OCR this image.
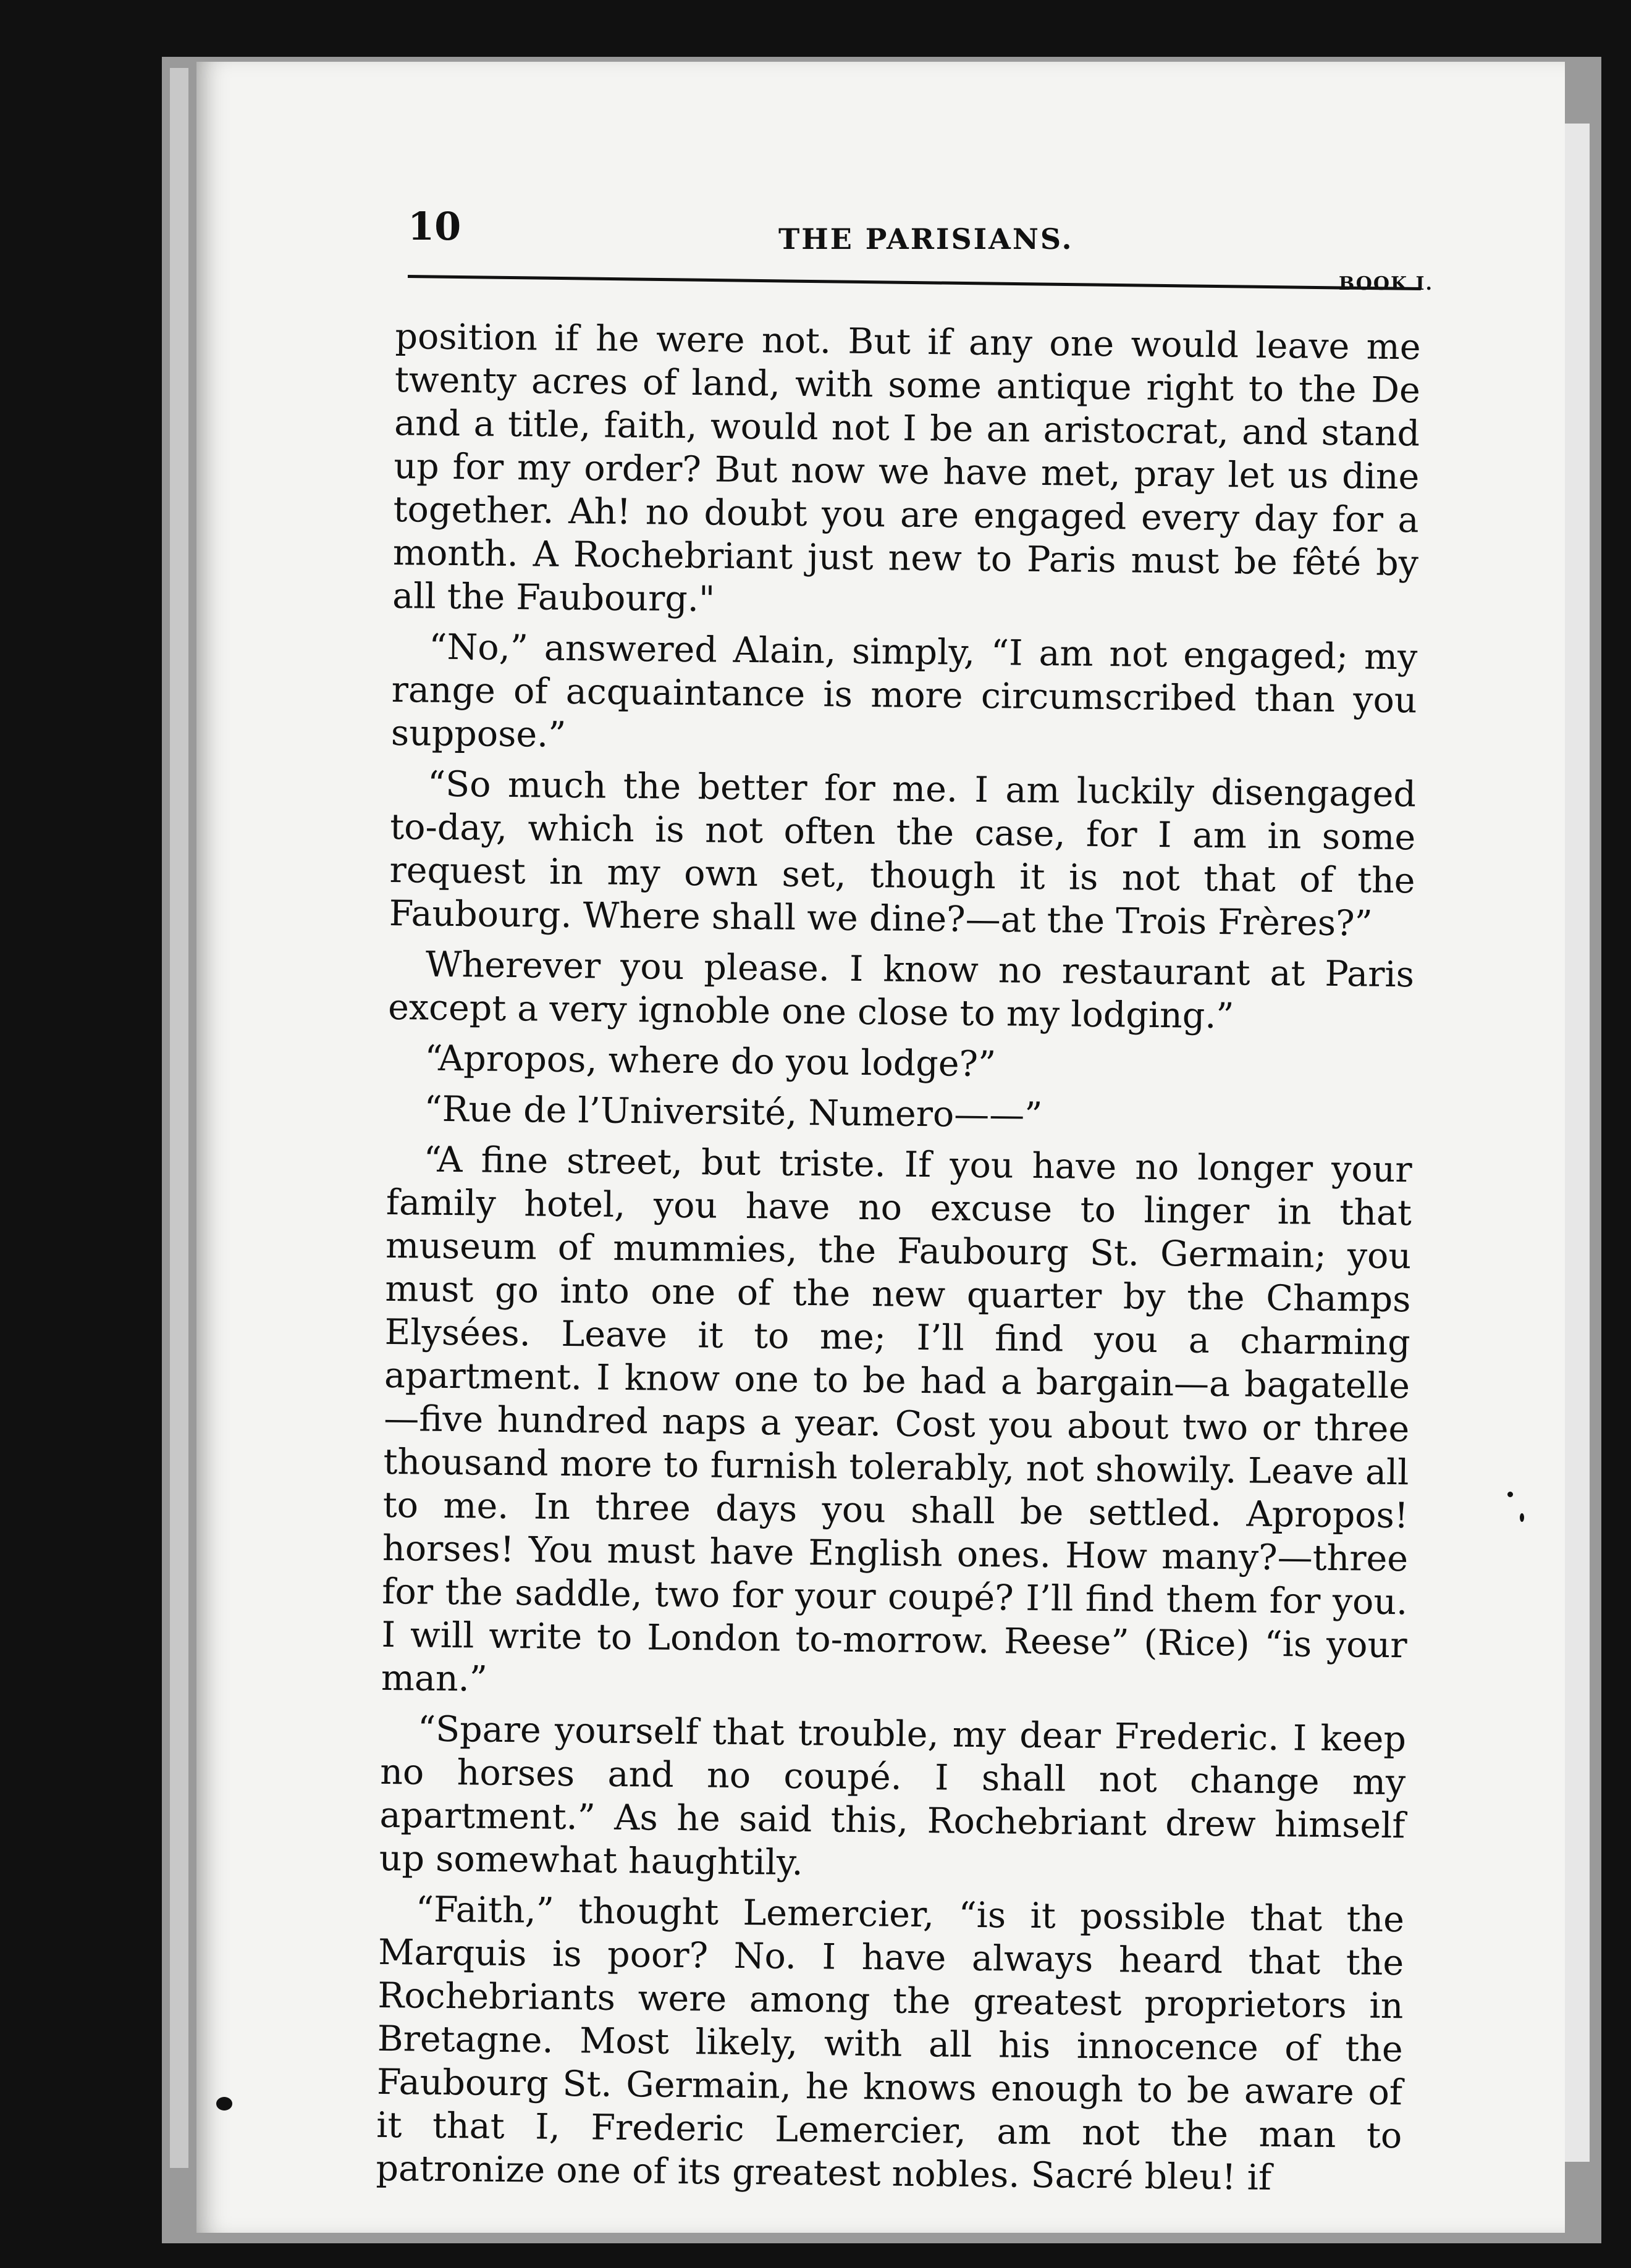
10	THE PARISIANS.
BOOK I.

position if he were not. But if any one would leave me twenty acres of land, with some antique right to the De and a title, faith, would not I be an aristocrat, and stand up for my order? But now we have met, pray let us dine together. Ah! no doubt you are engaged every day for a month. A Rochebriant just new to Paris must be fêté by all the Faubourg."

“No,” answered Alain, simply, “I am not engaged; my range of acquaintance is more circumscribed than you suppose.”

“So much the better for me. I am luckily disengaged to-day, which is not often the case, for I am in some request in my own set, though it is not that of the Faubourg. Where shall we dine?—at the Trois Frères?”

Wherever you please. I know no restaurant at Paris except a very ignoble one close to my lodging.”

“Apropos, where do you lodge?”

“Rue de l’Université, Numero——”

“A fine street, but triste. If you have no longer your family hotel, you have no excuse to linger in that museum of mummies, the Faubourg St. Germain; you must go into one of the new quarter by the Champs Elysées. Leave it to me; I’ll find you a charming apartment. I know one to be had a bargain—a bagatelle—five hundred naps a year. Cost you about two or three thousand more to furnish tolerably, not showily. Leave all to me. In three days you shall be settled. Apropos! horses! You must have English ones. How many?—three for the saddle, two for your coupé? I’ll find them for you. I will write to London to-morrow. Reese” (Rice) “is your man.”

“Spare yourself that trouble, my dear Frederic. I keep no horses and no coupé. I shall not change my apartment.” As he said this, Rochebriant drew himself up somewhat haughtily.

“Faith,” thought Lemercier, “is it possible that the Marquis is poor? No. I have always heard that the Rochebriants were among the greatest proprietors in Bretagne. Most likely, with all his innocence of the Faubourg St. Germain, he knows enough to be aware of it that I, Frederic Lemercier, am not the man to patronize one of its greatest nobles. Sacré bleu! if
